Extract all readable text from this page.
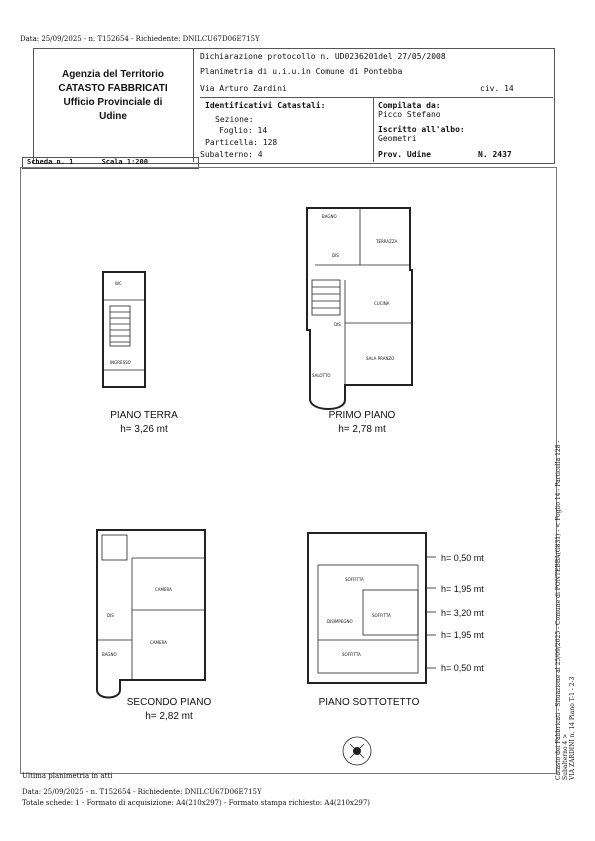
Data: 25/09/2025 - n. T152654 - Richiedente: DNILCU67D06E715Y
Agenzia del Territorio
CATASTO FABBRICATI
Ufficio Provinciale di
Udine
Dichiarazione protocollo n. UD0236201del 27/05/2008
Planimetria di u.i.u.in Comune di Pontebba
Via Arturo Zardini	civ. 14
Identificativi Catastali:
Sezione:
Foglio: 14
Particella: 128
Subalterno: 4
Compilata da:
Picco Stefano
Iscritto all'albo:
Geometri
Prov. Udine	N. 2437
Scheda n. 1	Scala 1:200
WC
INGRESSO
BAGNO
TERRAZZA
DIS
CUCINA
DIS
SALA PRANZO
SALOTTO
CAMERA
DIS
CAMERA
BAGNO
SOFFITTA
SOFFITTA
DISIMPEGNO
SOFFITTA
PIANO TERRA
h= 3,26 mt
PRIMO PIANO
h= 2,78 mt
SECONDO PIANO
h= 2,82 mt
PIANO SOTTOTETTO
h= 0,50 mt
h= 1,95 mt
h= 3,20 mt
h= 1,95 mt
h= 0,50 mt	Catasto dei Fabbricati - Situazione al 25/09/2025 - Comune di PONTEBBA(G831) - < Foglio 14 - Particella 128 - Subalterno 4 >
VIA ZARDINI n. 14 Piano T-1 - 2-3
Ultima planimetria in atti
Data: 25/09/2025 - n. T152654 - Richiedente: DNILCU67D06E715Y
Totale schede: 1 - Formato di acquisizione: A4(210x297) - Formato stampa richiesto: A4(210x297)
